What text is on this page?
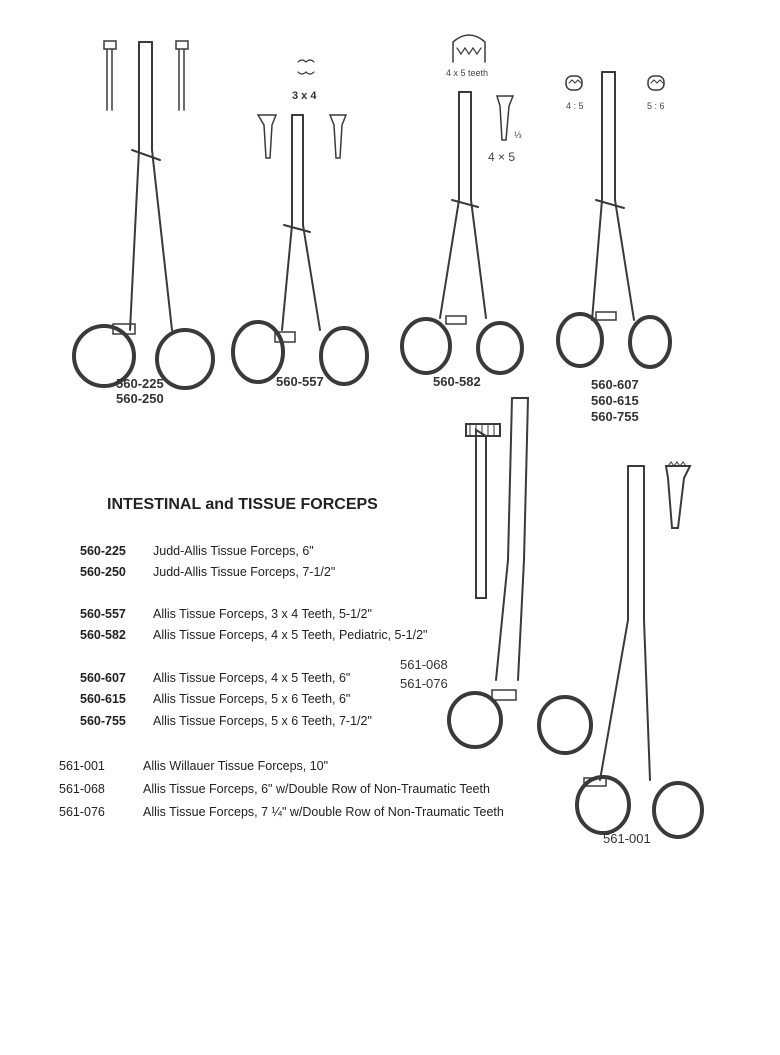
560-225
560-250
560-557	560-582	560-607
560-615
560-755
561-068
561-076
561-001
3 x 4
4 x 5 teeth
4 × 5
⅓
4 : 5	5 : 6
INTESTINAL and TISSUE FORCEPS
560-225 Judd-Allis Tissue Forceps, 6"
560-250 Judd-Allis Tissue Forceps, 7-1/2"
560-557 Allis Tissue Forceps, 3 x 4 Teeth, 5-1/2"
560-582 Allis Tissue Forceps, 4 x 5 Teeth, Pediatric, 5-1/2"
560-607 Allis Tissue Forceps, 4 x 5 Teeth, 6"
560-615 Allis Tissue Forceps, 5 x 6 Teeth, 6"
560-755 Allis Tissue Forceps, 5 x 6 Teeth, 7-1/2"
561-001	Allis Willauer Tissue Forceps, 10"
561-068	Allis Tissue Forceps, 6" w/Double Row of Non-Traumatic Teeth
561-076	Allis Tissue Forceps, 7 ¼" w/Double Row of Non-Traumatic Teeth
